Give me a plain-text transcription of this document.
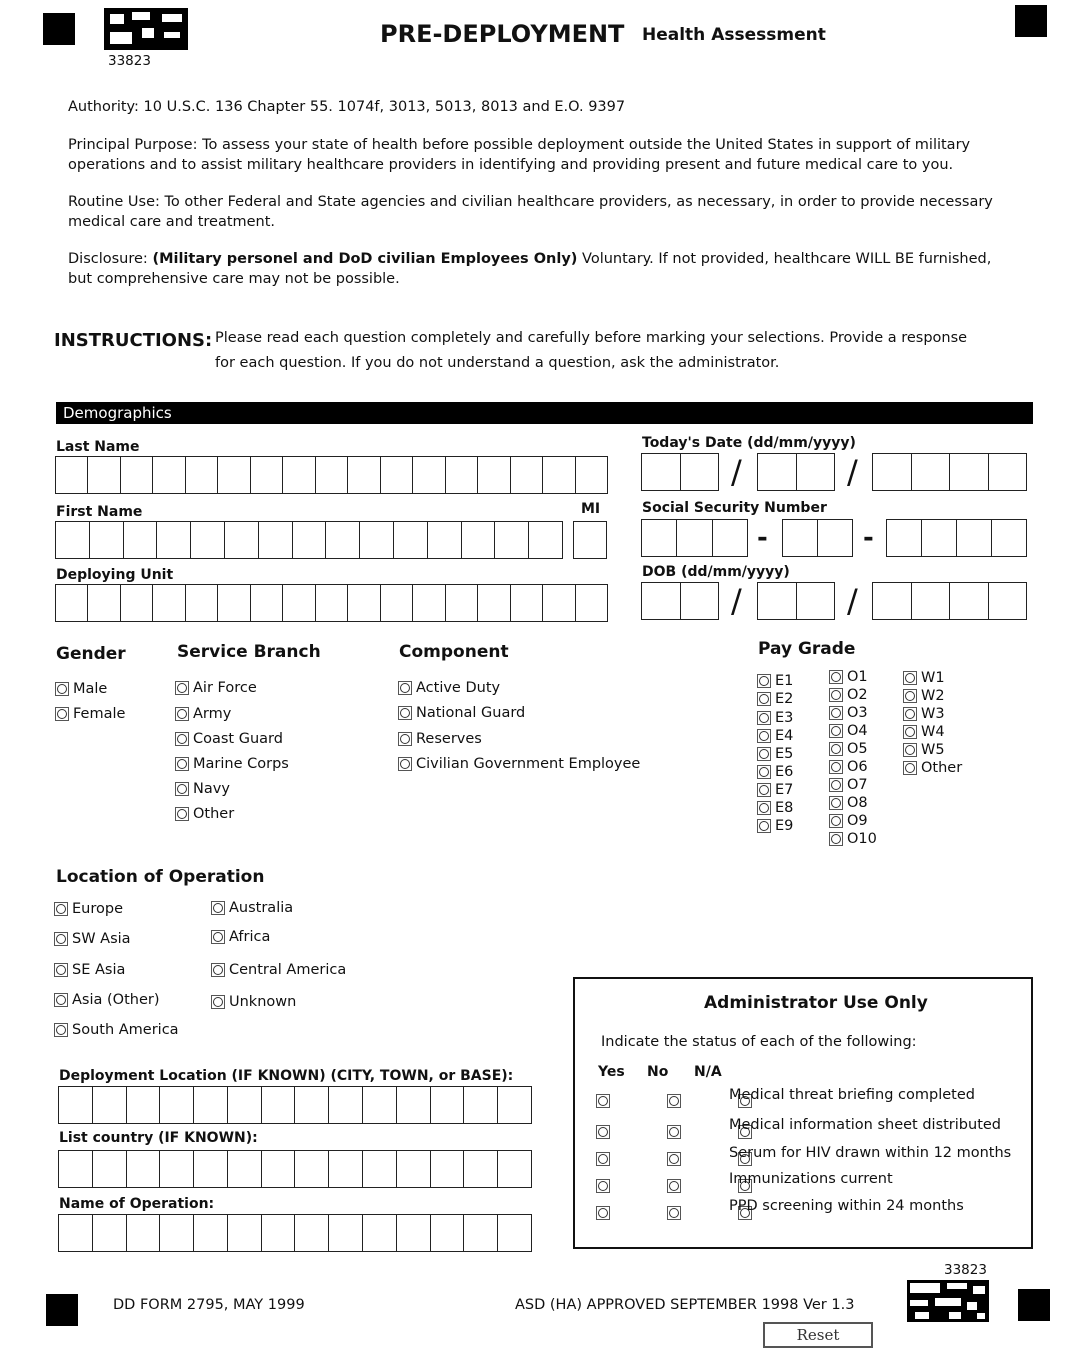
33823
PRE-DEPLOYMENT Health Assessment
Authority: 10 U.S.C. 136 Chapter 55. 1074f, 3013, 5013, 8013 and E.O. 9397
Principal Purpose: To assess your state of health before possible deployment outside the United States in support of military operations and to assist military healthcare providers in identifying and providing present and future medical care to you.
Routine Use: To other Federal and State agencies and civilian healthcare providers, as necessary, in order to provide necessary medical care and treatment.
Disclosure: (Military personel and DoD civilian Employees Only) Voluntary. If not provided, healthcare WILL BE furnished, but comprehensive care may not be possible.
INSTRUCTIONS: Please read each question completely and carefully before marking your selections. Provide a response
for each question. If you do not understand a question, ask the administrator.
Demographics
Last Name
First Name	MI
Deploying Unit
Today's Date (dd/mm/yyyy)
/	/
Social Security Number
-	-
DOB (dd/mm/yyyy)
/	/
Gender
Male
Female
Service Branch
Air Force
Army
Coast Guard
Marine Corps
Navy
Other
Component
Active Duty
National Guard
Reserves
Civilian Government Employee
Pay Grade
E1
E2
E3
E4
E5
E6
E7
E8
E9
O1
O2
O3
O4
O5
O6
O7
O8
O9
O10
W1
W2
W3
W4
W5
Other
Location of Operation
Europe
SW Asia
SE Asia
Asia (Other)
South America
Australia
Africa
Central America
Unknown
Deployment Location (IF KNOWN) (CITY, TOWN, or BASE):
List country (IF KNOWN):
Name of Operation:
Administrator Use Only
Indicate the status of each of the following:
Yes No N/A

Medical threat briefing completed

Medical information sheet distributed

Serum for HIV drawn within 12 months

Immunizations current

PPD screening within 24 months
DD FORM 2795, MAY 1999	ASD (HA) APPROVED SEPTEMBER 1998 Ver 1.3
33823
Reset
